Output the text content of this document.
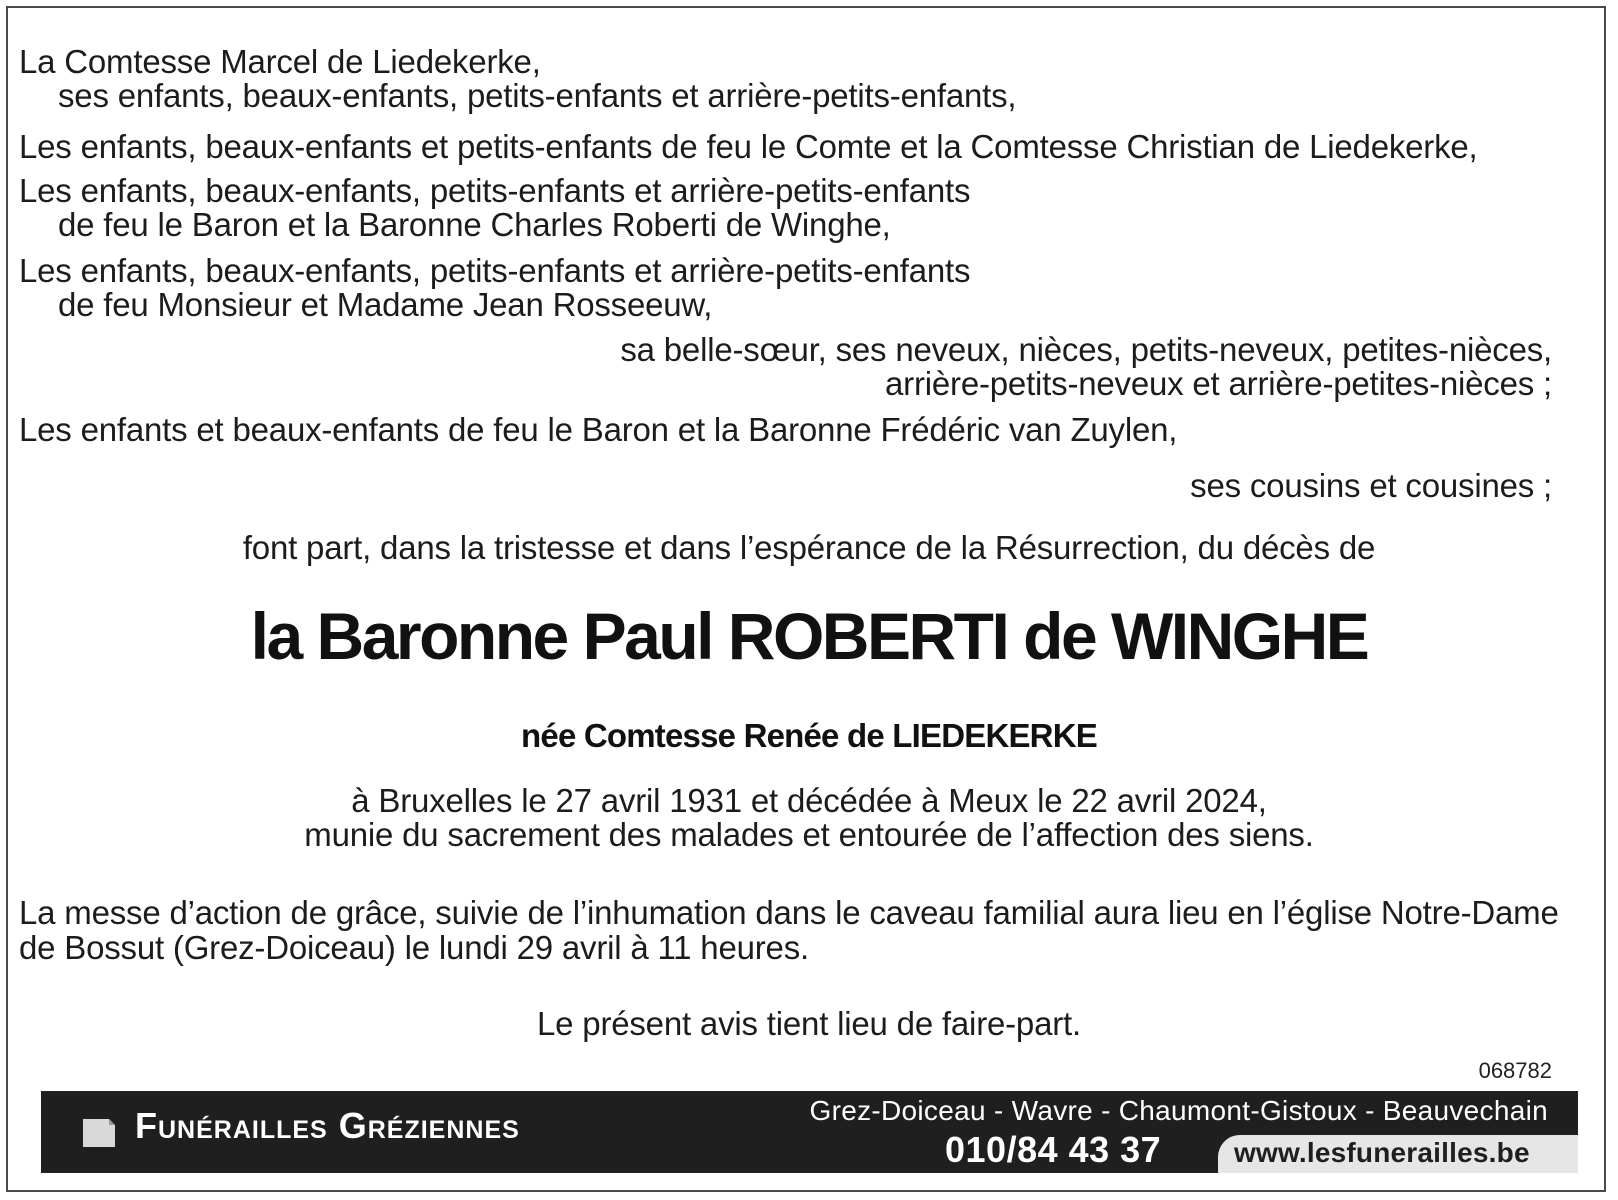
La Comtesse Marcel de Liedekerke,
ses enfants, beaux-enfants, petits-enfants et arrière-petits-enfants,
Les enfants, beaux-enfants et petits-enfants de feu le Comte et la Comtesse Christian de Liedekerke,
Les enfants, beaux-enfants, petits-enfants et arrière-petits-enfants
de feu le Baron et la Baronne Charles Roberti de Winghe,
Les enfants, beaux-enfants, petits-enfants et arrière-petits-enfants
de feu Monsieur et Madame Jean Rosseeuw,
sa belle-sœur, ses neveux, nièces, petits-neveux, petites-nièces,
arrière-petits-neveux et arrière-petites-nièces ;
Les enfants et beaux-enfants de feu le Baron et la Baronne Frédéric van Zuylen,
ses cousins et cousines ;
font part, dans la tristesse et dans l’espérance de la Résurrection, du décès de
la Baronne Paul ROBERTI de WINGHE
née Comtesse Renée de LIEDEKERKE
à Bruxelles le 27 avril 1931 et décédée à Meux le 22 avril 2024,
munie du sacrement des malades et entourée de l’affection des siens.
La messe d’action de grâce, suivie de l’inhumation dans le caveau familial aura lieu en l’église Notre-Dame
de Bossut (Grez-Doiceau) le lundi 29 avril à 11 heures.
Le présent avis tient lieu de faire-part.
068782
Funérailles Gréziennes	Grez-Doiceau - Wavre - Chaumont-Gistoux - Beauvechain
010/84 43 37	www.lesfunerailles.be
